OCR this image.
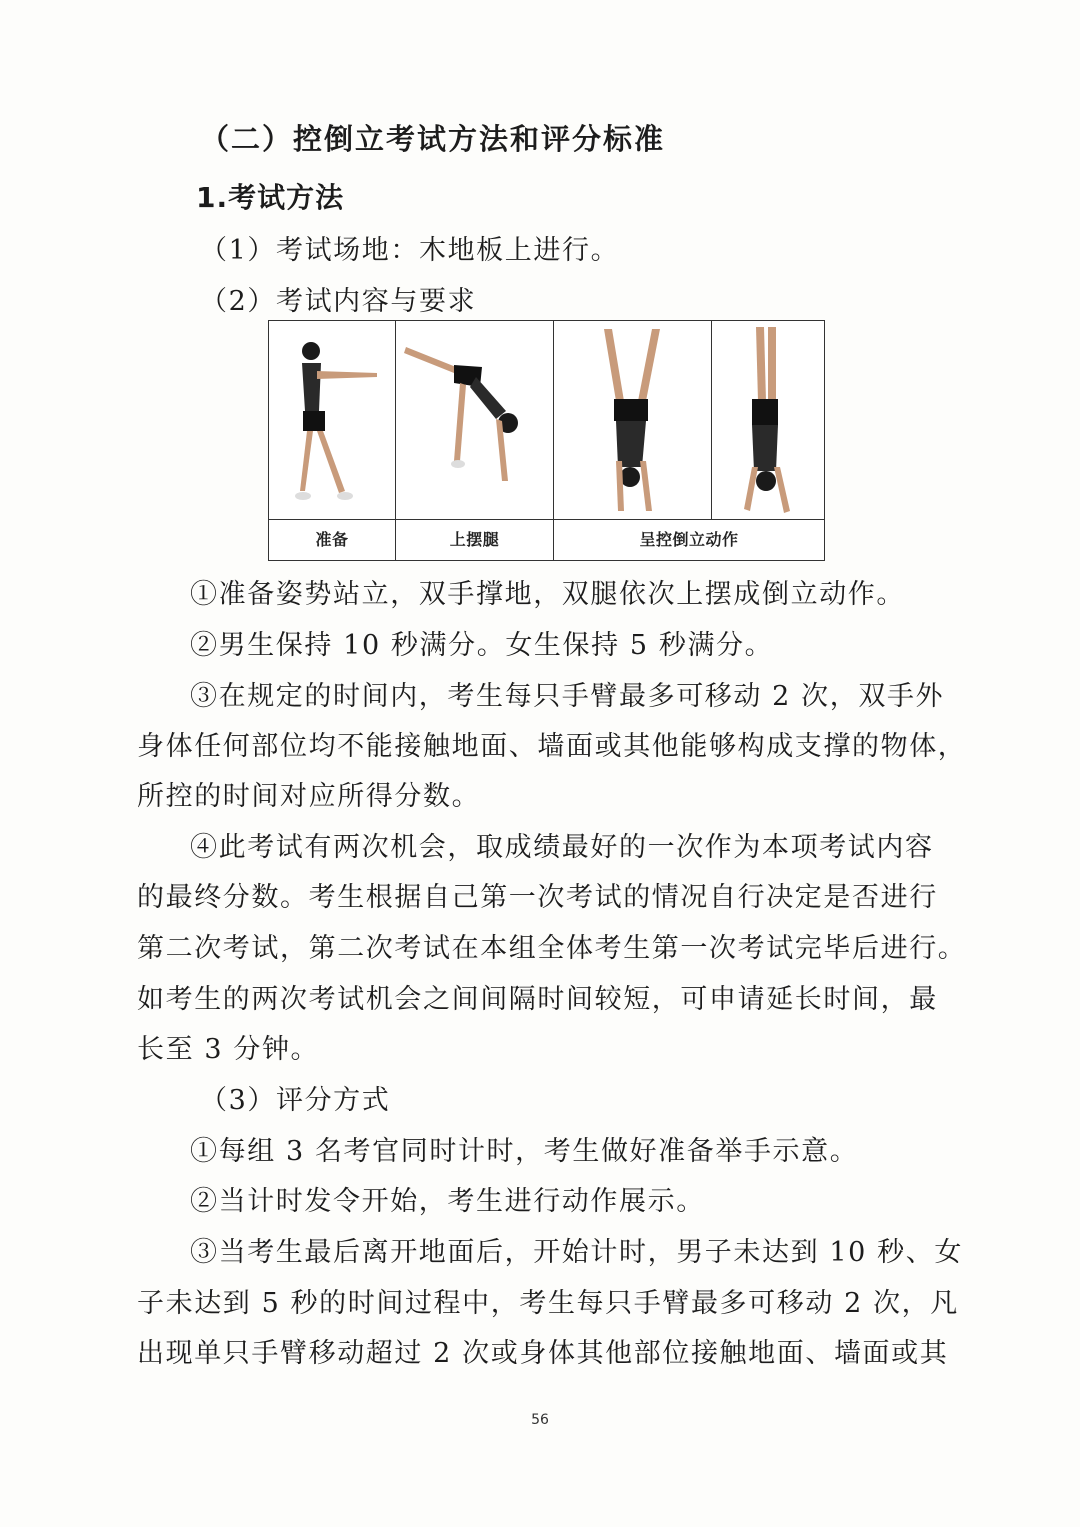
（二）控倒立考试方法和评分标准
1.考试方法
（1）考试场地：木地板上进行。
（2）考试内容与要求
准备	上摆腿	呈控倒立动作
①准备姿势站立，双手撑地，双腿依次上摆成倒立动作。
②男生保持 10 秒满分。女生保持 5 秒满分。
③在规定的时间内，考生每只手臂最多可移动 2 次，双手外
身体任何部位均不能接触地面、墙面或其他能够构成支撑的物体，
所控的时间对应所得分数。
④此考试有两次机会，取成绩最好的一次作为本项考试内容
的最终分数。考生根据自己第一次考试的情况自行决定是否进行
第二次考试，第二次考试在本组全体考生第一次考试完毕后进行。
如考生的两次考试机会之间间隔时间较短，可申请延长时间，最
长至 3 分钟。
（3）评分方式
①每组 3 名考官同时计时，考生做好准备举手示意。
②当计时发令开始，考生进行动作展示。
③当考生最后离开地面后，开始计时，男子未达到 10 秒、女
子未达到 5 秒的时间过程中，考生每只手臂最多可移动 2 次，凡
出现单只手臂移动超过 2 次或身体其他部位接触地面、墙面或其
56
